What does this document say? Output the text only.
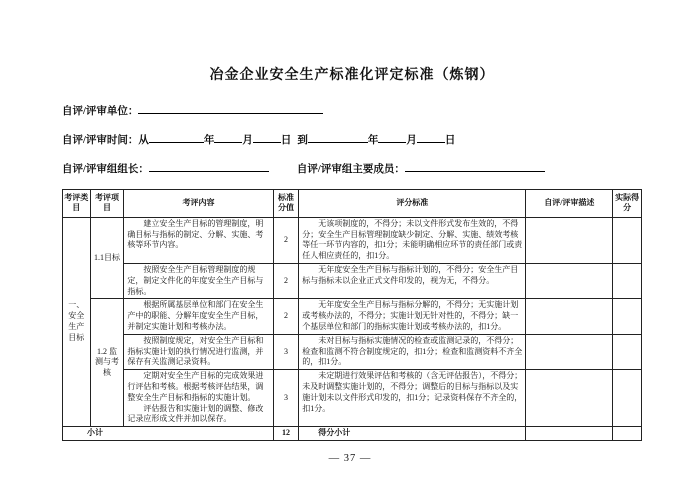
冶金企业安全生产标准化评定标准（炼钢）
自评/评审单位：
自评/评审时间：从	年	月	日 到	年	月	日
自评/评审组组长：	自评/评审组主要成员：
考评类目	考评项目	考评内容	标准分值	评分标准	自评/评审描述	实际得分
一、安全生产目标	1.1目标	建立安全生产目标的管理制度，明确目标与指标的制定、分解、实施、考核等环节内容。	2	无该项制度的，不得分；未以文件形式发布生效的，不得分；安全生产目标管理制度缺少制定、分解、实施、绩效考核等任一环节内容的，扣1分；未能明确相应环节的责任部门或责任人相应责任的，扣1分。		

		按照安全生产目标管理制度的规定，制定文件化的年度安全生产目标与指标。	2	无年度安全生产目标与指标计划的，不得分；安全生产目标与指标未以企业正式文件印发的，视为无，不得分。		

	1.2 监测与考核	根据所属基层单位和部门在安全生产中的职能、分解年度安全生产目标，并制定实施计划和考核办法。	2	无年度安全生产目标与指标分解的，不得分；无实施计划或考核办法的，不得分；实施计划无针对性的，不得分；缺一个基层单位和部门的指标实施计划或考核办法的，扣1分。		

		按照制度规定，对安全生产目标和指标实施计划的执行情况进行监测，并保存有关监测记录资料。	3	未对目标与指标实施情况的检查或监测记录的，不得分；检查和监测不符合制度规定的，扣1分；检查和监测资料不齐全的，扣1分。		

		定期对安全生产目标的完成效果进行评估和考核。根据考核评估结果，调整安全生产目标和指标的实施计划。

评估报告和实施计划的调整、修改记录应形成文件并加以保存。	3	未定期进行效果评估和考核的（含无评估报告），不得分；未及时调整实施计划的，不得分；调整后的目标与指标以及实施计划未以文件形式印发的，扣1分；记录资料保存不齐全的，扣1分。		

小计			12	得分小计		

— 37 —
